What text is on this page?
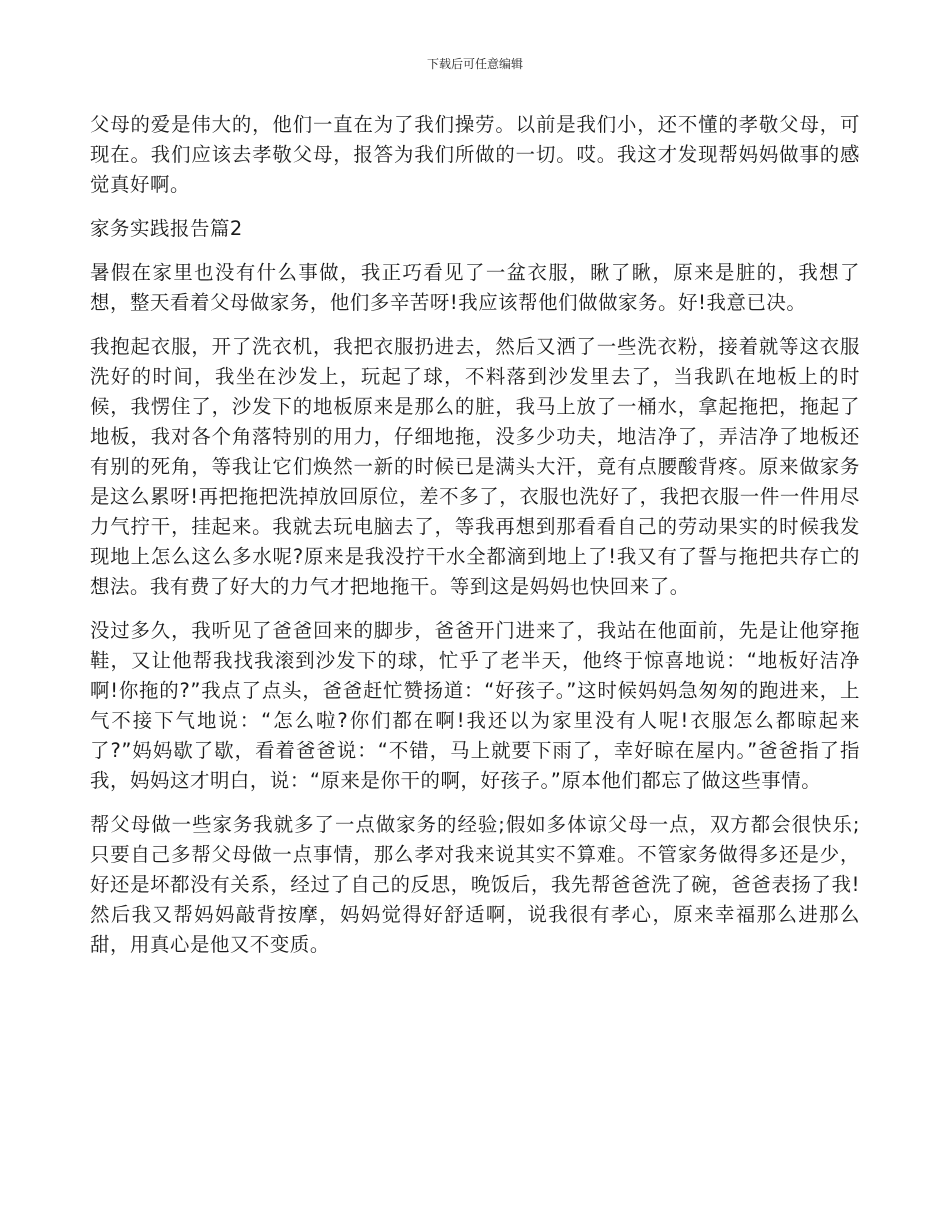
下载后可任意编辑

父母的爱是伟大的，他们一直在为了我们操劳。以前是我们小，还不懂的孝敬父母，可现在。我们应该去孝敬父母，报答为我们所做的一切。哎。我这才发现帮妈妈做事的感觉真好啊。

家务实践报告篇2

暑假在家里也没有什么事做，我正巧看见了一盆衣服，瞅了瞅，原来是脏的，我想了想，整天看着父母做家务，他们多辛苦呀!我应该帮他们做做家务。好!我意已决。

我抱起衣服，开了洗衣机，我把衣服扔进去，然后又洒了一些洗衣粉，接着就等这衣服洗好的时间，我坐在沙发上，玩起了球，不料落到沙发里去了，当我趴在地板上的时候，我愣住了，沙发下的地板原来是那么的脏，我马上放了一桶水，拿起拖把，拖起了地板，我对各个角落特别的用力，仔细地拖，没多少功夫，地洁净了，弄洁净了地板还有别的死角，等我让它们焕然一新的时候已是满头大汗，竟有点腰酸背疼。原来做家务是这么累呀!再把拖把洗掉放回原位，差不多了，衣服也洗好了，我把衣服一件一件用尽力气拧干，挂起来。我就去玩电脑去了，等我再想到那看看自己的劳动果实的时候我发现地上怎么这么多水呢?原来是我没拧干水全都滴到地上了!我又有了誓与拖把共存亡的想法。我有费了好大的力气才把地拖干。等到这是妈妈也快回来了。

没过多久，我听见了爸爸回来的脚步，爸爸开门进来了，我站在他面前，先是让他穿拖鞋，又让他帮我找我滚到沙发下的球，忙乎了老半天，他终于惊喜地说：“地板好洁净啊!你拖的?”我点了点头，爸爸赶忙赞扬道：“好孩子。”这时候妈妈急匆匆的跑进来，上气不接下气地说：“怎么啦?你们都在啊!我还以为家里没有人呢!衣服怎么都晾起来了?”妈妈歇了歇，看着爸爸说：“不错，马上就要下雨了，幸好晾在屋内。”爸爸指了指我，妈妈这才明白，说：“原来是你干的啊，好孩子。”原本他们都忘了做这些事情。

帮父母做一些家务我就多了一点做家务的经验;假如多体谅父母一点，双方都会很快乐;只要自己多帮父母做一点事情，那么孝对我来说其实不算难。不管家务做得多还是少，好还是坏都没有关系，经过了自己的反思，晚饭后，我先帮爸爸洗了碗，爸爸表扬了我!然后我又帮妈妈敲背按摩，妈妈觉得好舒适啊，说我很有孝心，原来幸福那么进那么甜，用真心是他又不变质。
